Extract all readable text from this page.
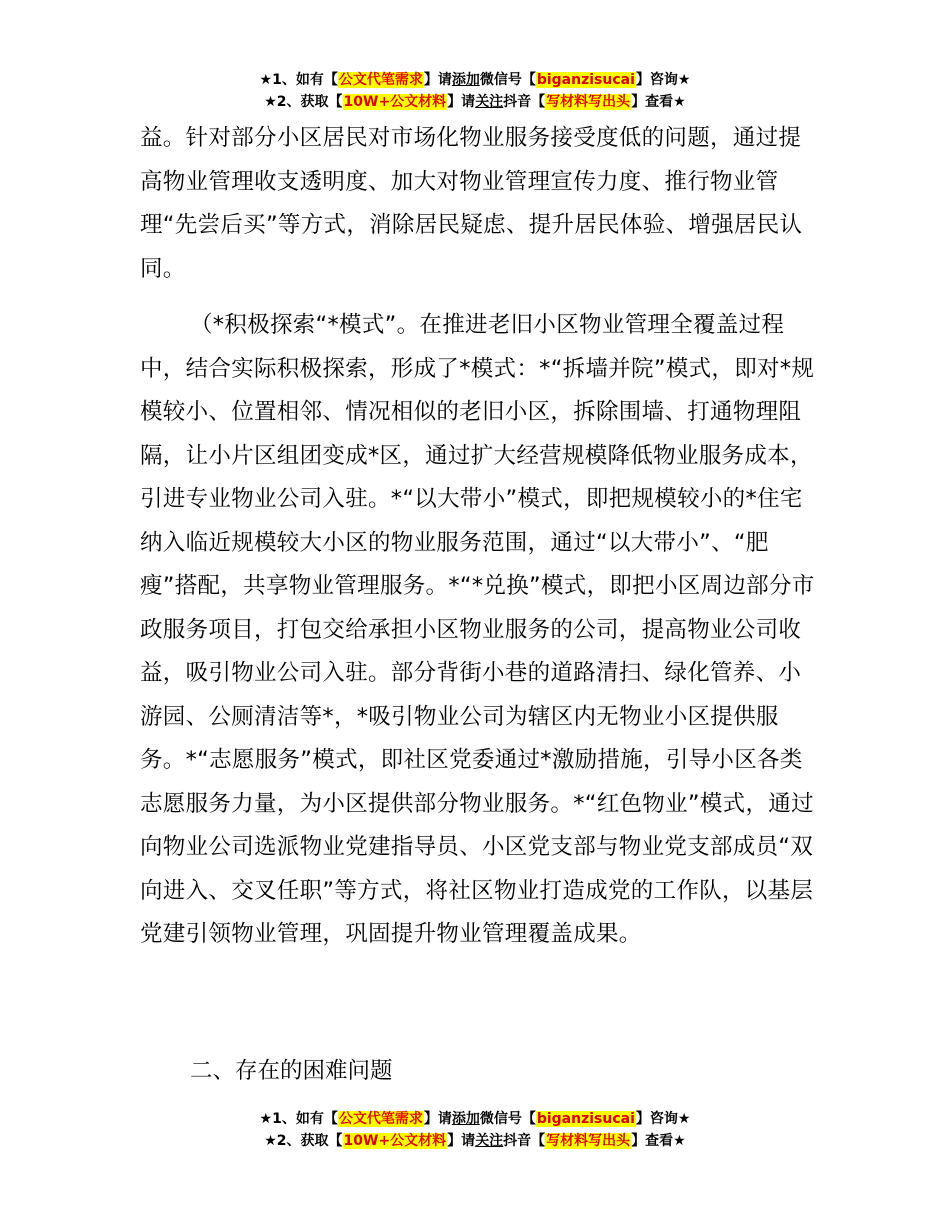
★1、如有【公文代笔需求】请添加微信号【biganzisucai】咨询★
★2、获取【10W+公文材料】请关注抖音【写材料写出头】查看★

益。针对部分小区居民对市场化物业服务接受度低的问题，通过提高物业管理收支透明度、加大对物业管理宣传力度、推行物业管理“先尝后买”等方式，消除居民疑虑、提升居民体验、增强居民认同。

（*积极探索“*模式”。在推进老旧小区物业管理全覆盖过程中，结合实际积极探索，形成了*模式：*“拆墙并院”模式，即对*规模较小、位置相邻、情况相似的老旧小区，拆除围墙、打通物理阻隔，让小片区组团变成*区，通过扩大经营规模降低物业服务成本，引进专业物业公司入驻。*“以大带小”模式，即把规模较小的*住宅纳入临近规模较大小区的物业服务范围，通过“以大带小”、“肥瘦”搭配，共享物业管理服务。*“*兑换”模式，即把小区周边部分市政服务项目，打包交给承担小区物业服务的公司，提高物业公司收益，吸引物业公司入驻。部分背街小巷的道路清扫、绿化管养、小游园、公厕清洁等*，*吸引物业公司为辖区内无物业小区提供服务。*“志愿服务”模式，即社区党委通过*激励措施，引导小区各类志愿服务力量，为小区提供部分物业服务。*“红色物业”模式，通过向物业公司选派物业党建指导员、小区党支部与物业党支部成员“双向进入、交叉任职”等方式，将社区物业打造成党的工作队，以基层党建引领物业管理，巩固提升物业管理覆盖成果。

二、存在的困难问题
★1、如有【公文代笔需求】请添加微信号【biganzisucai】咨询★
★2、获取【10W+公文材料】请关注抖音【写材料写出头】查看★
